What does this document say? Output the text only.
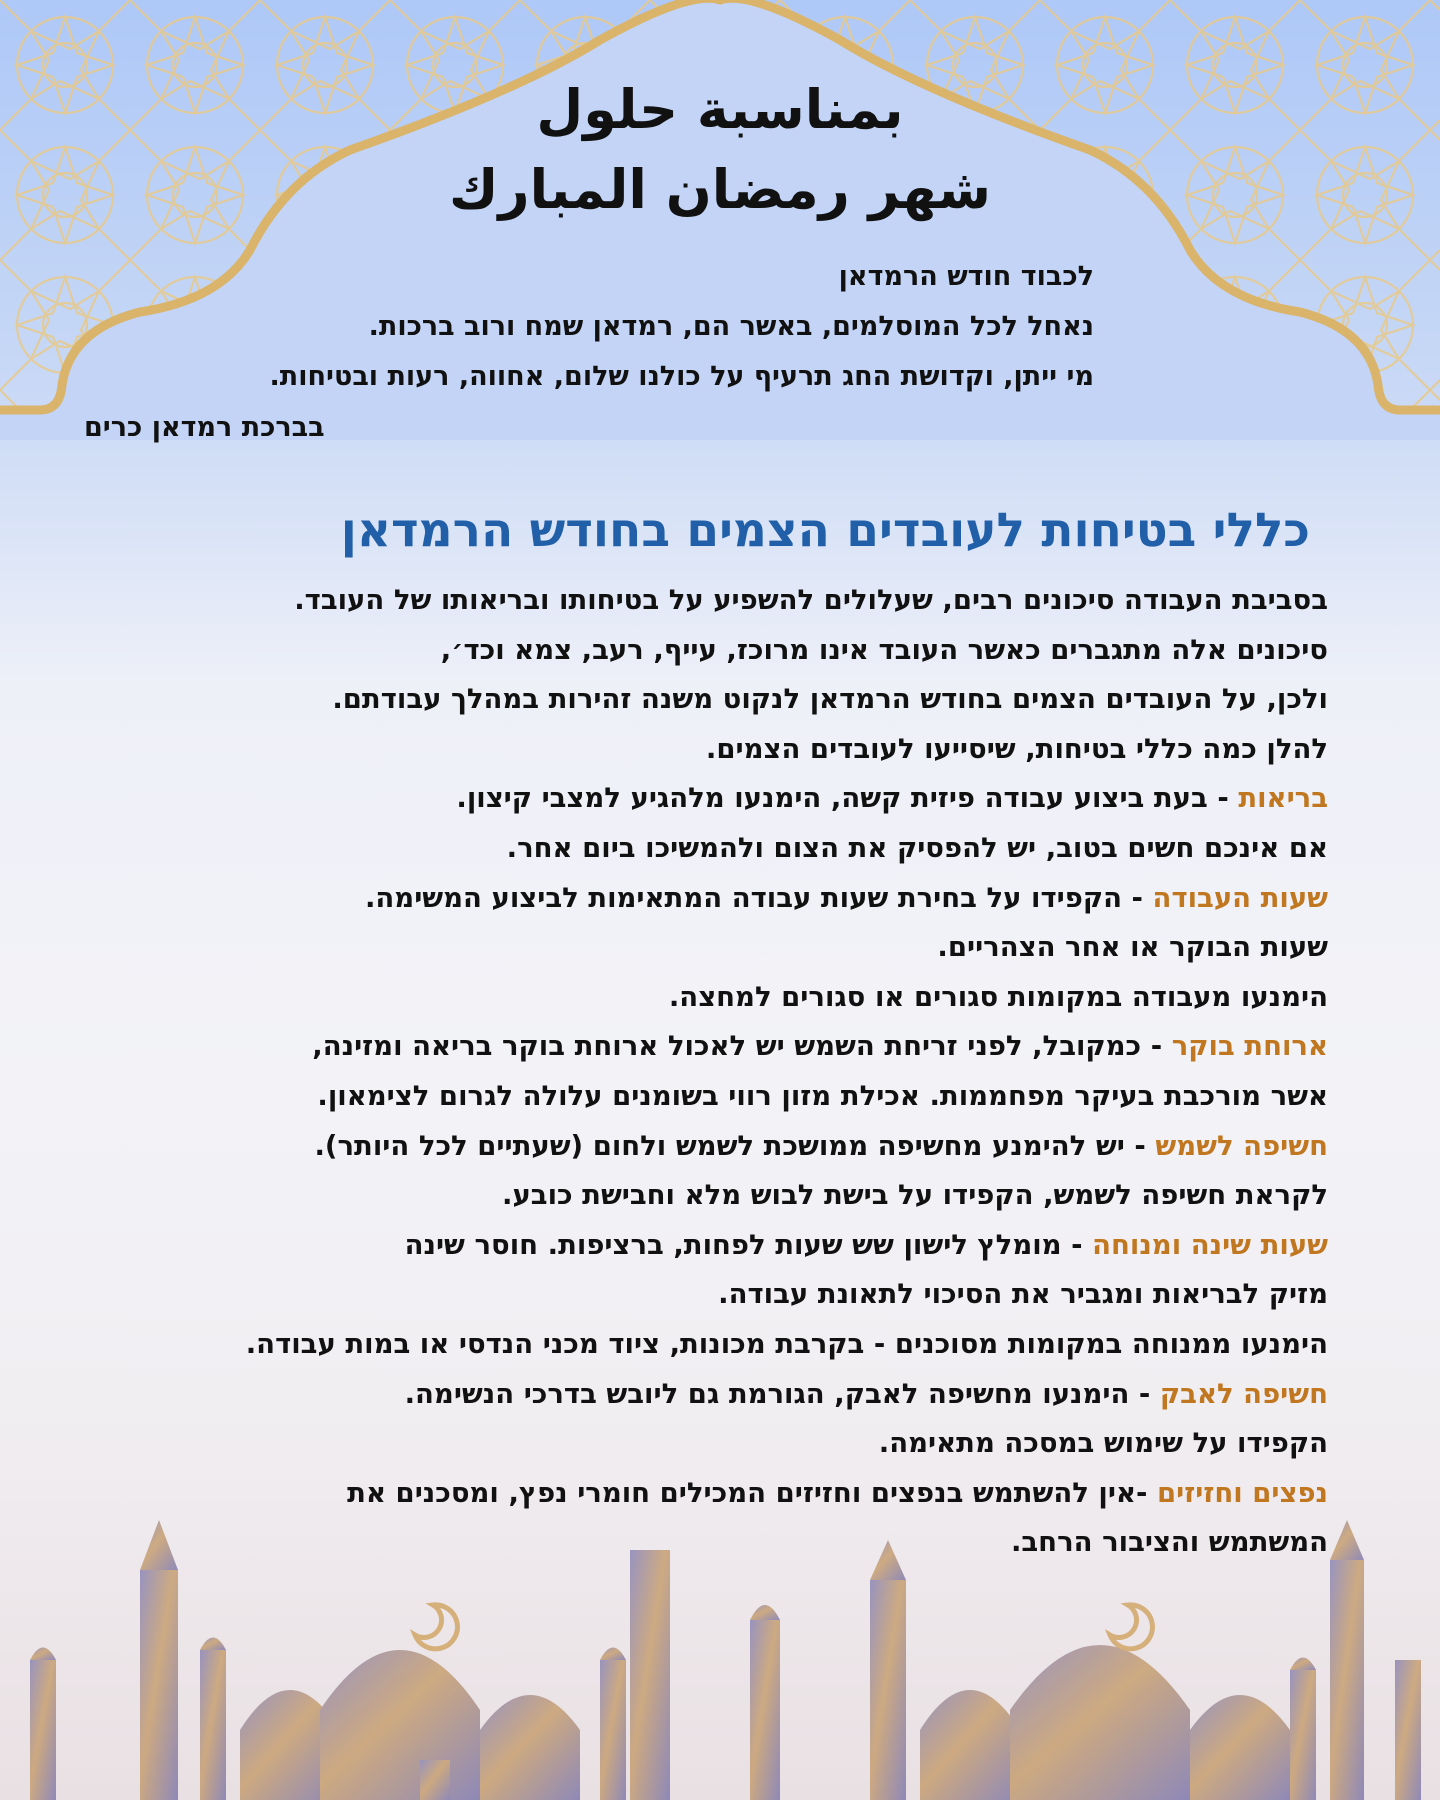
بمناسبة حلول
شهر رمضان المبارك
לכבוד חודש הרמדאן
נאחל לכל המוסלמים, באשר הם, רמדאן שמח ורוב ברכות.
מי ייתן, וקדושת החג תרעיף על כולנו שלום, אחווה, רעות ובטיחות.
בברכת רמדאן כרים
כללי בטיחות לעובדים הצמים בחודש הרמדאן
בסביבת העבודה סיכונים רבים, שעלולים להשפיע על בטיחותו ובריאותו של העובד.
סיכונים אלה מתגברים כאשר העובד אינו מרוכז, עייף, רעב, צמא וכד׳,
ולכן, על העובדים הצמים בחודש הרמדאן לנקוט משנה זהירות במהלך עבודתם.
להלן כמה כללי בטיחות, שיסייעו לעובדים הצמים.
בריאות - בעת ביצוע עבודה פיזית קשה, הימנעו מלהגיע למצבי קיצון.
אם אינכם חשים בטוב, יש להפסיק את הצום ולהמשיכו ביום אחר.
שעות העבודה - הקפידו על בחירת שעות עבודה המתאימות לביצוע המשימה.
שעות הבוקר או אחר הצהריים.
הימנעו מעבודה במקומות סגורים או סגורים למחצה.
ארוחת בוקר - כמקובל, לפני זריחת השמש יש לאכול ארוחת בוקר בריאה ומזינה,
אשר מורכבת בעיקר מפחממות. אכילת מזון רווי בשומנים עלולה לגרום לצימאון.
חשיפה לשמש - יש להימנע מחשיפה ממושכת לשמש ולחום (שעתיים לכל היותר).
לקראת חשיפה לשמש, הקפידו על בישת לבוש מלא וחבישת כובע.
שעות שינה ומנוחה - מומלץ לישון שש שעות לפחות, ברציפות. חוסר שינה
מזיק לבריאות ומגביר את הסיכוי לתאונת עבודה.
הימנעו ממנוחה במקומות מסוכנים - בקרבת מכונות, ציוד מכני הנדסי או במות עבודה.
חשיפה לאבק - הימנעו מחשיפה לאבק, הגורמת גם ליובש בדרכי הנשימה.
הקפידו על שימוש במסכה מתאימה.
נפצים וחזיזים -אין להשתמש בנפצים וחזיזים המכילים חומרי נפץ, ומסכנים את
המשתמש והציבור הרחב.
